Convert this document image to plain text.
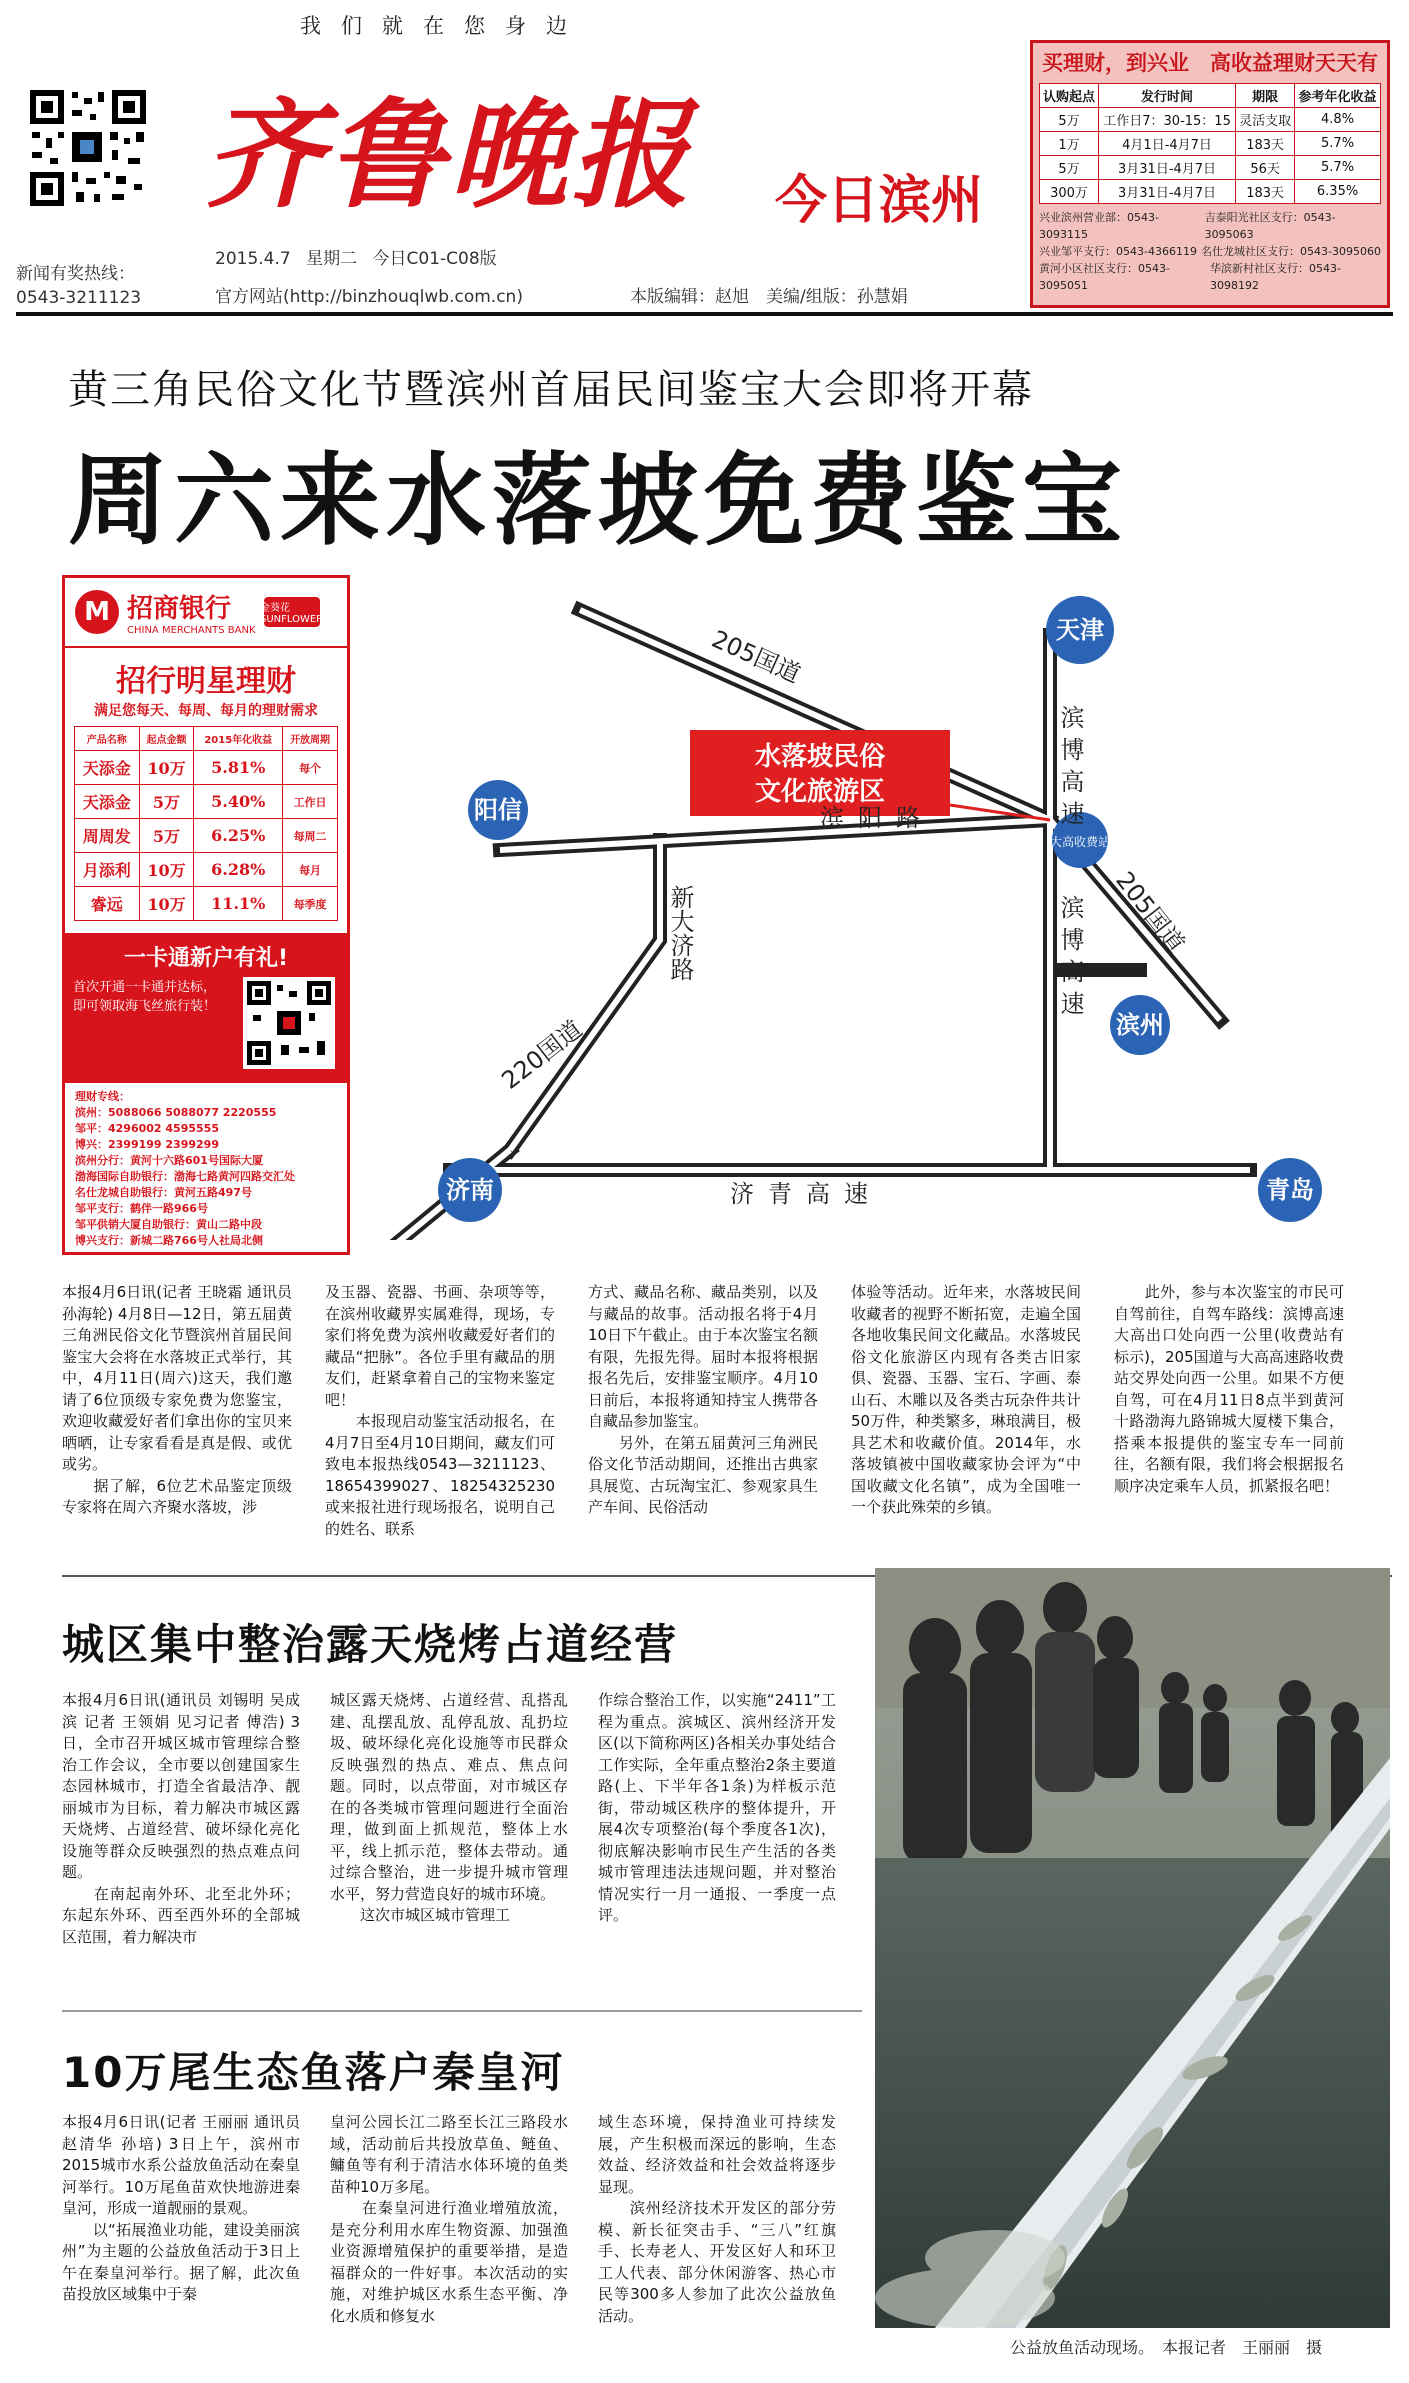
我们就在您身边
齐鲁晚报 今日滨州
新闻有奖热线：
0543-3211123
2015.4.7 星期二 今日C01-C08版
官方网站(http://binzhouqlwb.com.cn)	本版编辑：赵旭　美编/组版：孙慧娟
买理财，到兴业　高收益理财天天有
认购起点	发行时间	期限	参考年化收益
5万	工作日7：30-15：15	灵活支取	4.8%
1万	4月1日-4月7日	183天	5.7%
5万	3月31日-4月7日	56天	5.7%
300万	3月31日-4月7日	183天	6.35%
兴业滨州营业部：0543-3093115
吉泰阳光社区支行：0543-3095063
兴业邹平支行：0543-4366119 名仕龙城社区支行：0543-3095060
黄河小区社区支行：0543-3095051
华滨新村社区支行：0543-3098192
黄三角民俗文化节暨滨州首届民间鉴宝大会即将开幕
周六来水落坡免费鉴宝
M 招商银行
CHINA MERCHANTS BANK
金葵花 SUNFLOWER
招行明星理财
满足您每天、每周、每月的理财需求
产品名称	起点金额	2015年化收益	开放周期
天添金	10万	5.81%	每个
天添金	5万	5.40%	工作日
周周发	5万	6.25%	每周二
月添利	10万	6.28%	每月
睿远	10万	11.1%	每季度
一卡通新户有礼!
首次开通一卡通并达标，即可领取海飞丝旅行装！
理财专线：
滨州：5088066 5088077 2220555
邹平：4296002 4595555
博兴：2399199 2399299
滨州分行：黄河十六路601号国际大厦
渤海国际自助银行：渤海七路黄河四路交汇处
名仕龙城自助银行：黄河五路497号
邹平支行：鹤伴一路966号
邹平供销大厦自助银行：黄山二路中段
博兴支行：新城二路766号人社局北侧
水落坡民俗
文化旅游区
天津
阳信
滨州
济南	青岛
大高收费站
205国道
滨阳路
新大济路
220国道
济青高速
滨博高速
滨博高速 205国道
本报4月6日讯(记者 王晓霜 通讯员 孙海轮) 4月8日—12日，第五届黄三角洲民俗文化节暨滨州首届民间鉴宝大会将在水落坡正式举行，其中，4月11日(周六)这天，我们邀请了6位顶级专家免费为您鉴宝，欢迎收藏爱好者们拿出你的宝贝来晒晒，让专家看看是真是假、或优或劣。
　　据了解，6位艺术品鉴定顶级专家将在周六齐聚水落坡，涉
及玉器、瓷器、书画、杂项等等，在滨州收藏界实属难得，现场，专家们将免费为滨州收藏爱好者们的藏品“把脉”。各位手里有藏品的朋友们，赶紧拿着自己的宝物来鉴定吧！
　　本报现启动鉴宝活动报名，在4月7日至4月10日期间，藏友们可致电本报热线0543—3211123、18654399027、18254325230或来报社进行现场报名，说明自己的姓名、联系
方式、藏品名称、藏品类别，以及与藏品的故事。活动报名将于4月10日下午截止。由于本次鉴宝名额有限，先报先得。届时本报将根据报名先后，安排鉴宝顺序。4月10日前后，本报将通知持宝人携带各自藏品参加鉴宝。
　　另外，在第五届黄河三角洲民俗文化节活动期间，还推出古典家具展览、古玩淘宝汇、参观家具生产车间、民俗活动
体验等活动。近年来，水落坡民间收藏者的视野不断拓宽，走遍全国各地收集民间文化藏品。水落坡民俗文化旅游区内现有各类古旧家俱、瓷器、玉器、宝石、字画、泰山石、木雕以及各类古玩杂件共计50万件，种类繁多，琳琅满目，极具艺术和收藏价值。2014年，水落坡镇被中国收藏家协会评为“中国收藏文化名镇”，成为全国唯一一个获此殊荣的乡镇。
　　此外，参与本次鉴宝的市民可自驾前往，自驾车路线：滨博高速大高出口处向西一公里(收费站有标示)，205国道与大高高速路收费站交界处向西一公里。如果不方便自驾，可在4月11日8点半到黄河十路渤海九路锦城大厦楼下集合，搭乘本报提供的鉴宝专车一同前往，名额有限，我们将会根据报名顺序决定乘车人员，抓紧报名吧！
城区集中整治露天烧烤占道经营
本报4月6日讯(通讯员 刘锡明 吴成滨 记者 王领娟 见习记者 傅浩) 3日，全市召开城区城市管理综合整治工作会议，全市要以创建国家生态园林城市，打造全省最洁净、靓丽城市为目标，着力解决市城区露天烧烤、占道经营、破坏绿化亮化设施等群众反映强烈的热点难点问题。
　　在南起南外环、北至北外环；东起东外环、西至西外环的全部城区范围，着力解决市
城区露天烧烤、占道经营、乱搭乱建、乱摆乱放、乱停乱放、乱扔垃圾、破坏绿化亮化设施等市民群众反映强烈的热点、难点、焦点问题。同时，以点带面，对市城区存在的各类城市管理问题进行全面治理，做到面上抓规范，整体上水平，线上抓示范，整体去带动。通过综合整治，进一步提升城市管理水平，努力营造良好的城市环境。
　　这次市城区城市管理工
作综合整治工作，以实施“2411”工程为重点。滨城区、滨州经济开发区(以下简称两区)各相关办事处结合工作实际，全年重点整治2条主要道路(上、下半年各1条)为样板示范街，带动城区秩序的整体提升，开展4次专项整治(每个季度各1次)，彻底解决影响市民生产生活的各类城市管理违法违规问题，并对整治情况实行一月一通报、一季度一点评。
10万尾生态鱼落户秦皇河
本报4月6日讯(记者 王丽丽 通讯员 赵清华 孙培) 3日上午，滨州市2015城市水系公益放鱼活动在秦皇河举行。10万尾鱼苗欢快地游进秦皇河，形成一道靓丽的景观。
　　以“拓展渔业功能，建设美丽滨州”为主题的公益放鱼活动于3日上午在秦皇河举行。据了解，此次鱼苗投放区域集中于秦
皇河公园长江二路至长江三路段水域，活动前后共投放草鱼、鲢鱼、鳙鱼等有利于清洁水体环境的鱼类苗种10万多尾。
　　在秦皇河进行渔业增殖放流，是充分利用水库生物资源、加强渔业资源增殖保护的重要举措，是造福群众的一件好事。本次活动的实施，对维护城区水系生态平衡、净化水质和修复水
域生态环境，保持渔业可持续发展，产生积极而深远的影响，生态效益、经济效益和社会效益将逐步显现。
　　滨州经济技术开发区的部分劳模、新长征突击手、“三八”红旗手、长寿老人、开发区好人和环卫工人代表、部分休闲游客、热心市民等300多人参加了此次公益放鱼活动。
公益放鱼活动现场。　本报记者　王丽丽　摄
